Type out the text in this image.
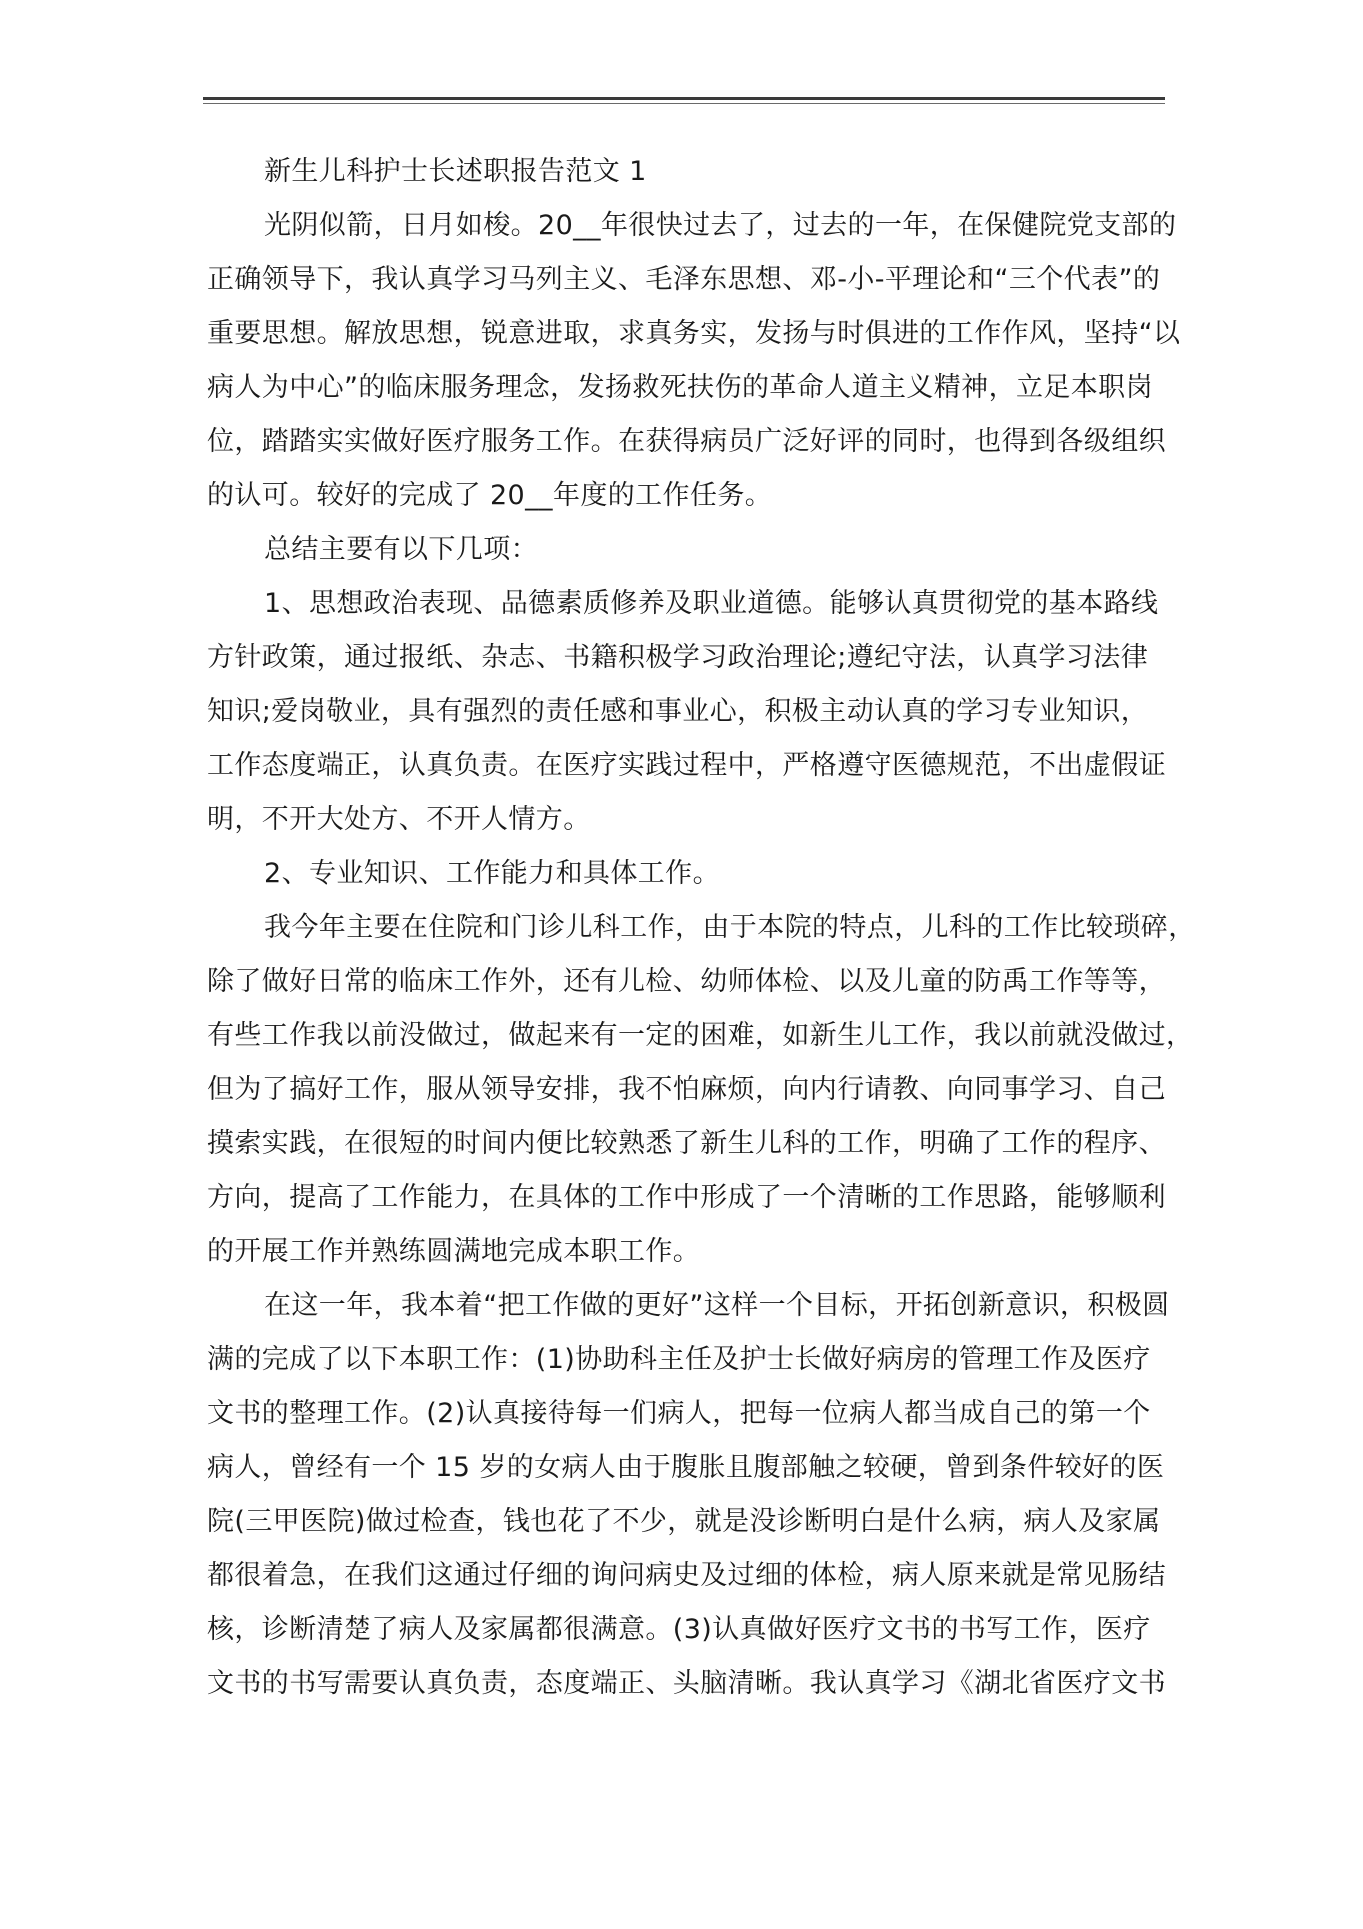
新生儿科护士长述职报告范文 1
光阴似箭，日月如梭。20__年很快过去了，过去的一年，在保健院党支部的
正确领导下，我认真学习马列主义、毛泽东思想、邓-小-平理论和“三个代表”的
重要思想。解放思想，锐意进取，求真务实，发扬与时俱进的工作作风，坚持“以
病人为中心”的临床服务理念，发扬救死扶伤的革命人道主义精神，立足本职岗
位，踏踏实实做好医疗服务工作。在获得病员广泛好评的同时，也得到各级组织
的认可。较好的完成了 20__年度的工作任务。
总结主要有以下几项：
1、思想政治表现、品德素质修养及职业道德。能够认真贯彻党的基本路线
方针政策，通过报纸、杂志、书籍积极学习政治理论;遵纪守法，认真学习法律
知识;爱岗敬业，具有强烈的责任感和事业心，积极主动认真的学习专业知识，
工作态度端正，认真负责。在医疗实践过程中，严格遵守医德规范，不出虚假证
明，不开大处方、不开人情方。
2、专业知识、工作能力和具体工作。
我今年主要在住院和门诊儿科工作，由于本院的特点，儿科的工作比较琐碎，
除了做好日常的临床工作外，还有儿检、幼师体检、以及儿童的防禹工作等等，
有些工作我以前没做过，做起来有一定的困难，如新生儿工作，我以前就没做过，
但为了搞好工作，服从领导安排，我不怕麻烦，向内行请教、向同事学习、自己
摸索实践，在很短的时间内便比较熟悉了新生儿科的工作，明确了工作的程序、
方向，提高了工作能力，在具体的工作中形成了一个清晰的工作思路，能够顺利
的开展工作并熟练圆满地完成本职工作。
在这一年，我本着“把工作做的更好”这样一个目标，开拓创新意识，积极圆
满的完成了以下本职工作：(1)协助科主任及护士长做好病房的管理工作及医疗
文书的整理工作。(2)认真接待每一们病人，把每一位病人都当成自己的第一个
病人，曾经有一个 15 岁的女病人由于腹胀且腹部触之较硬，曾到条件较好的医
院(三甲医院)做过检查，钱也花了不少，就是没诊断明白是什么病，病人及家属
都很着急，在我们这通过仔细的询问病史及过细的体检，病人原来就是常见肠结
核，诊断清楚了病人及家属都很满意。(3)认真做好医疗文书的书写工作，医疗
文书的书写需要认真负责，态度端正、头脑清晰。我认真学习《湖北省医疗文书
